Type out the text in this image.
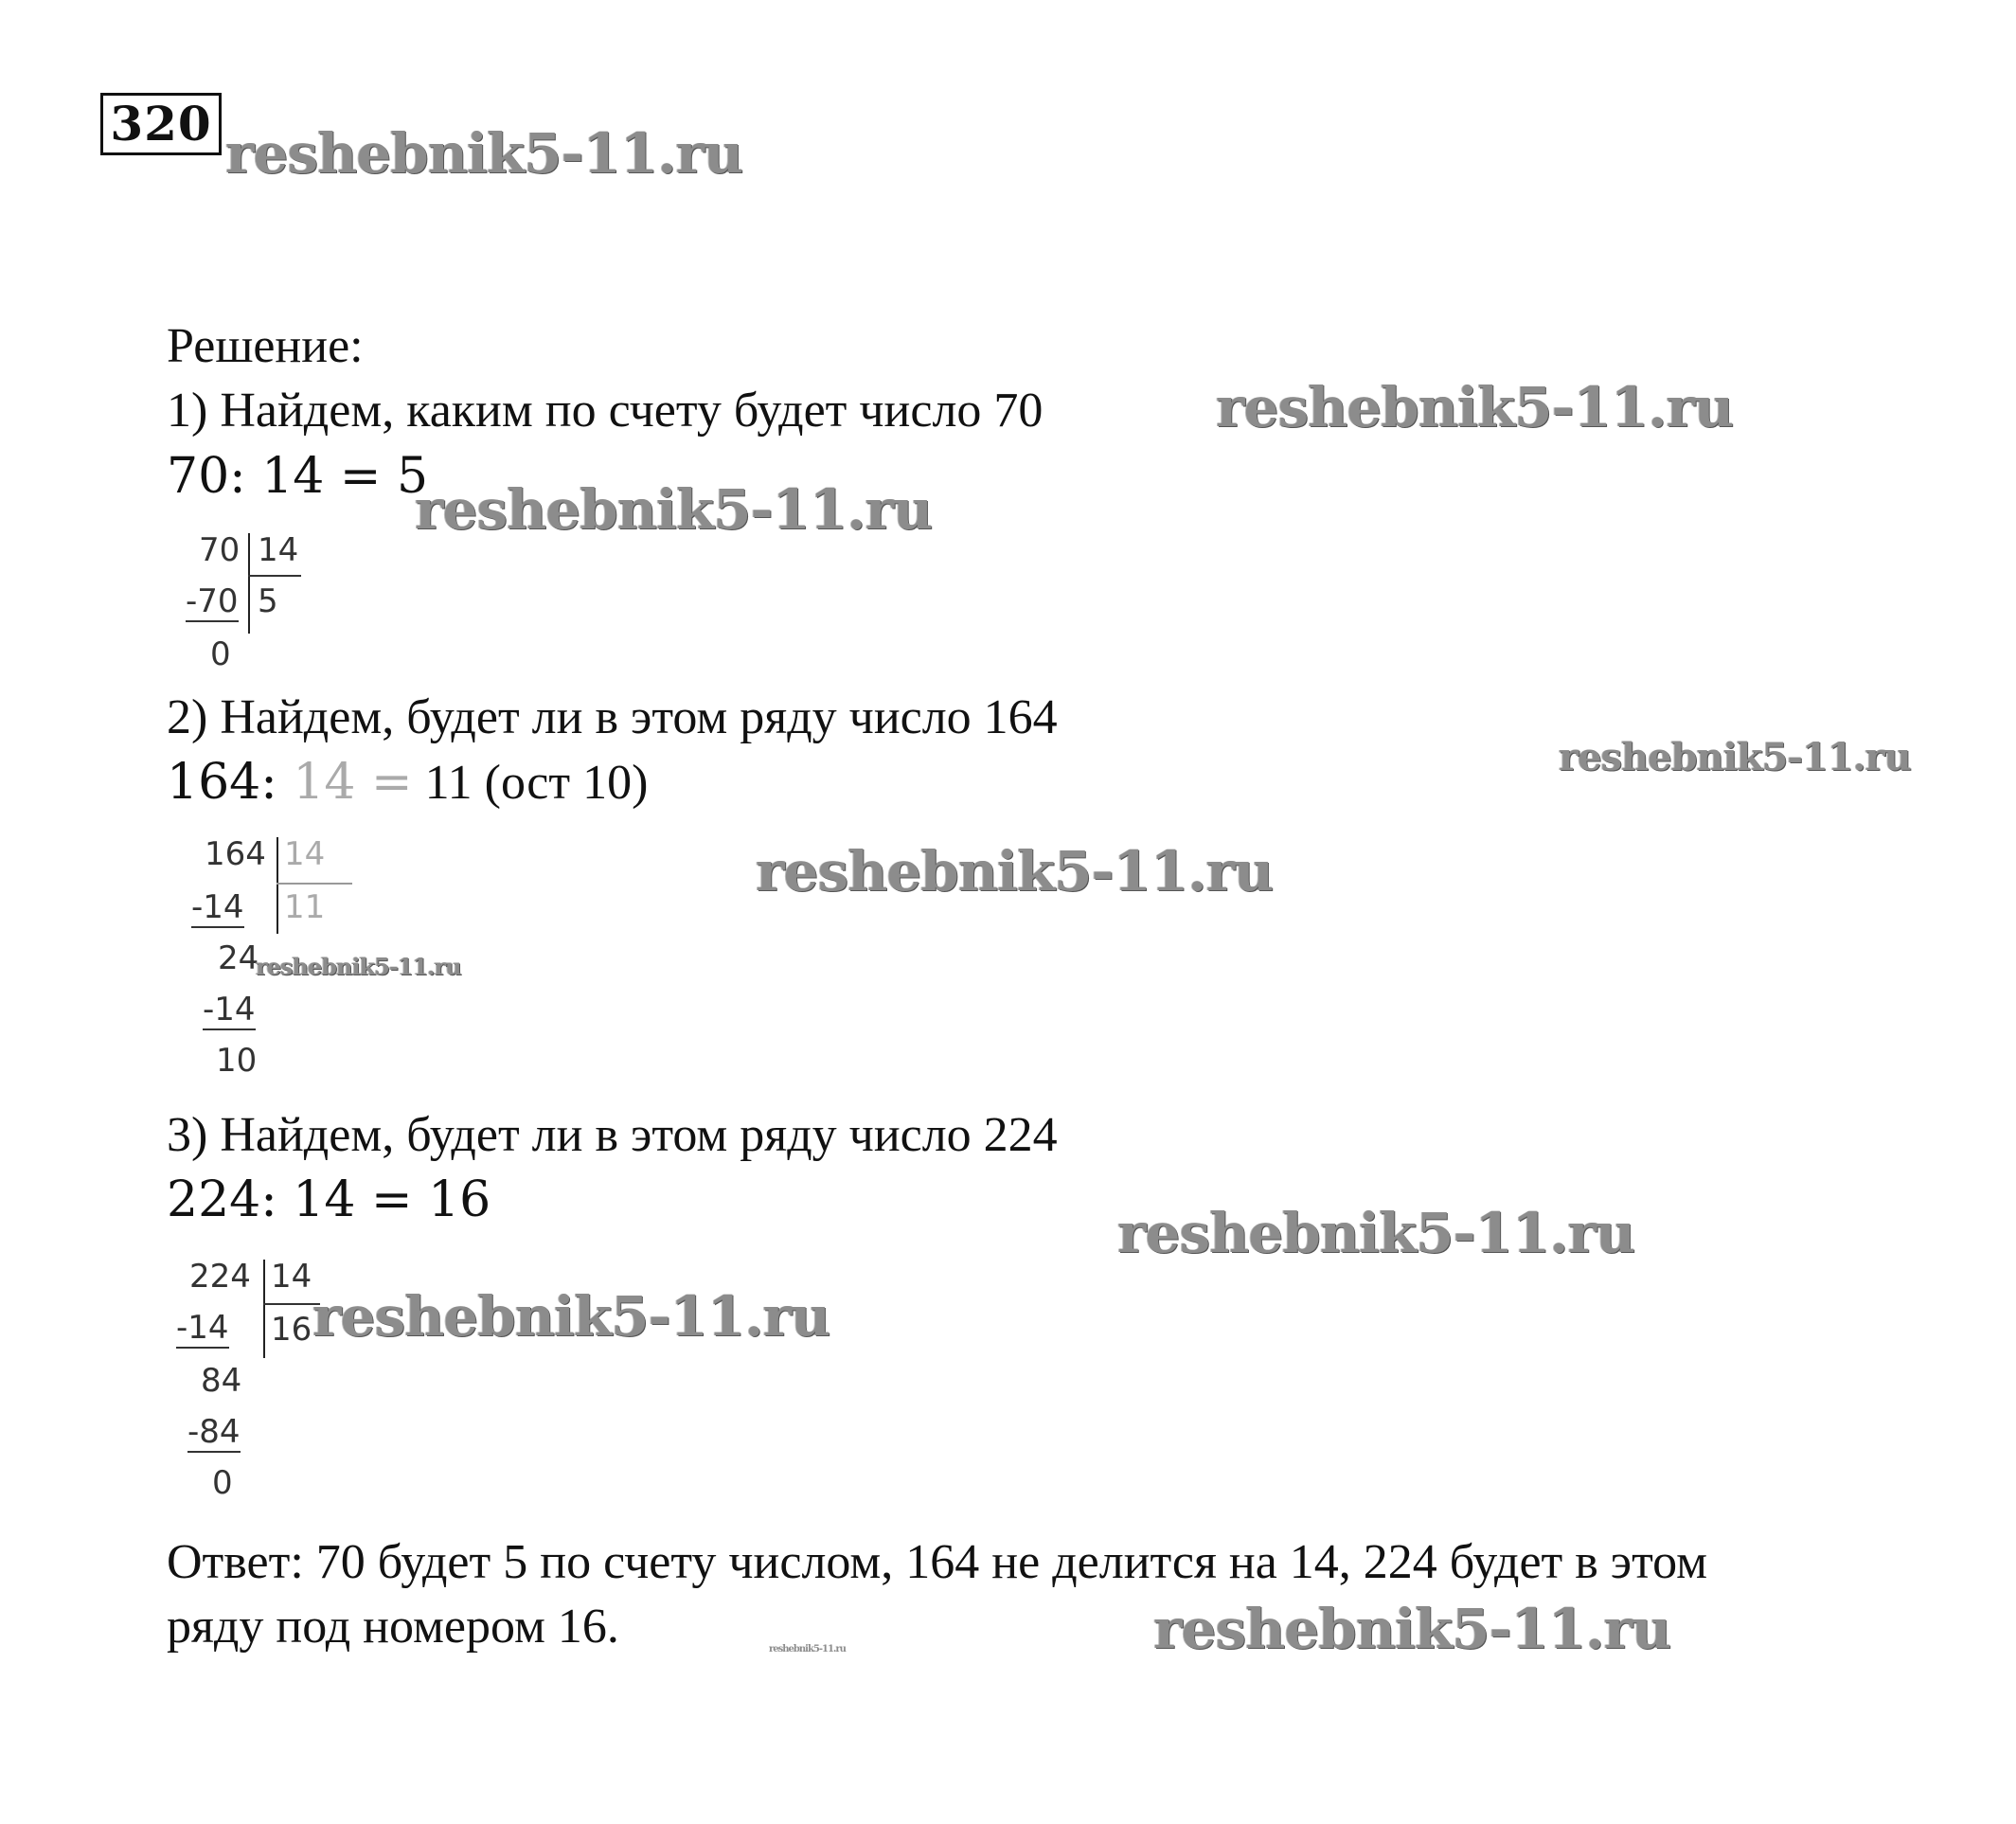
320 reshebnik5-11.ru
Решение:
1) Найдем, каким по счету будет число 70	reshebnik5-11.ru
70: 14 = 5
reshebnik5-11.ru
70 14
-70 5
0
2) Найдем, будет ли в этом ряду число 164
reshebnik5-11.ru
164: 14 = 11 (ост 10)
reshebnik5-11.ru
164 14
-14 11
24
-14
10
reshebnik5-11.ru
3) Найдем, будет ли в этом ряду число 224
224: 14 = 16
reshebnik5-11.ru
224 14
-14 16
84
-84
0
reshebnik5-11.ru
Ответ: 70 будет 5 по счету числом, 164 не делится на 14, 224 будет в этом
ряду под номером 16.	reshebnik5-11.ru
reshebnik5-11.ru
